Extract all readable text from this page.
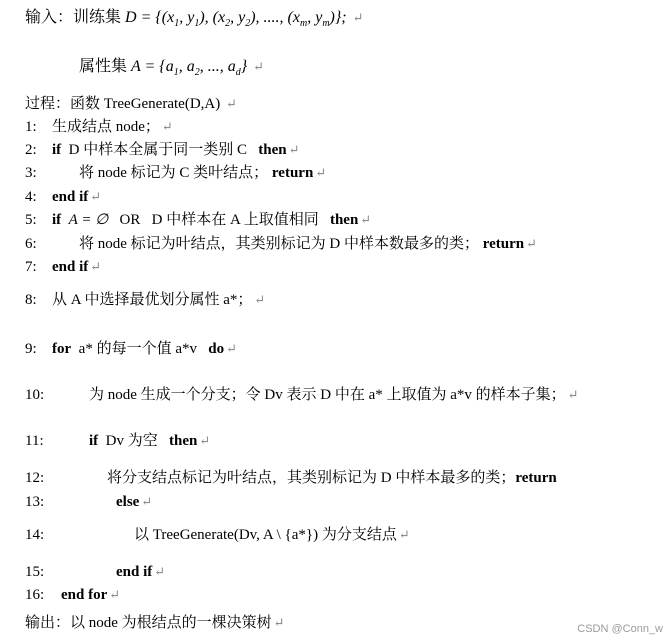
输入：训练集 $D = \{(x_1$, $y_1$), ($x_2$, $y_2$), ...., ($x_m$, $y_m$)}; ↵
属性集 $A = \{a_1$, $a_2$, ..., $a_d$} ↵
过程：函数 TreeGenerate(D,A) ↵
1: 生成结点 node； ↵
2: if D 中样本全属于同一类别 C then ↵
3:	将 node 标记为 C 类叶结点； return ↵
4: end if ↵
5: if A = ∅ OR D 中样本在 A 上取值相同 then ↵
6:	将 node 标记为叶结点，其类别标记为 D 中样本数最多的类； return ↵
7: end if ↵
8: 从 A 中选择最优划分属性 a*； ↵
9: for a* 的每一个值 a*v do ↵
10:	为 node 生成一个分支；令 Dv 表示 D 中在 a* 上取值为 a*v 的样本子集； ↵
11:	if Dv 为空 then ↵
12:	将分支结点标记为叶结点，其类别标记为 D 中样本最多的类；return
13:	else ↵
14:	以 TreeGenerate(Dv, A \ {a*}) 为分支结点 ↵
15:	end if ↵
16: end for ↵
输出：以 node 为根结点的一棵决策树 ↵	CSDN @Conn_w
